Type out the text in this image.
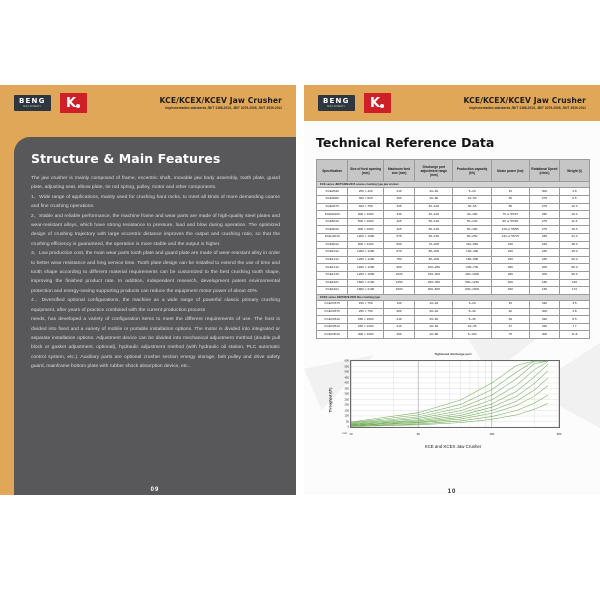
BENG
MACHINERY	K	KCE/KCEX/KCEV Jaw Crusher
Implementation standards JB/T 1388-2015, JB/T 3279-2005, JB/T 3939-2011
Structure & Main Features

The jaw crusher is mainly composed of frame, eccentric shaft, movable jaw body assembly, tooth plate, guard plate, adjusting seat, elbow plate, tie rod spring, pulley, motor and other components.

1、Wide range of applications, mainly used for crushing hard rocks, to meet all kinds of more demanding coarse and fine crushing operations.

2、Stable and reliable performance, the machine frame and wear parts are made of high-quality steel plates and wear-resistant alloys, which have strong resistance to pressure, load and blow during operation. The optimized design of crushing trajectory with large eccentric distance improves the output and crushing ratio, so that the crushing efficiency is guaranteed, the operation is more stable and the output is higher.

3、Low production cost, the main wear parts tooth plate and guard plate are made of wear-resistant alloy in order to better wear resistance and long service time. Tooth plate design can be installed to extend the use of time and tooth shape according to different material requirements can be customized to the best crushing tooth shape, improving the finished product rate. In addition, independent research, development patent environmental protection and energy-saving supporting products can reduce the equipment motor power of about 40%.

4、Diversified optional configurations, the machine as a wide range of powerful classic primary crushing equipment, after years of practice combined with the current production process

needs, has developed a variety of configuration items to meet the different requirements of use. The host is divided into fixed and a variety of mobile or portable installation options. The motor is divided into integrated or separate installation options. Adjustment device can be divided into mechanical adjustment method (double pull block or gasket adjustment, optional), hydraulic adjustment method (with hydraulic oil station, PLC automatic control system, etc.). Auxiliary parts are optional crusher section energy storage, belt pulley and drive safety guard, mainframe bottom plate with rubber shock absorption device, etc..

09
BENG
MACHINERY	K	KCE/KCEX/KCEV Jaw Crusher
Implementation standards JB/T 1388-2015, JB/T 3279-2005, JB/T 3939-2011
Technical Reference Data
Specification	Size of feed opening (mm)	Maximum feed size (mm)	Discharge port adjustment range (mm)	Production capacity (t/h)	Motor power (kw)	Rotational Speed (r/min)	Weight (t)
KCE series JIB/TC/BM-2015 coarse crushing type jaw crusher							
KCE2540	250 × 400	210	20~60	5~20	15	300	2.8
KCE3060	300 × 600	250	20~80	10~50	30	275	6.5
KCE4075	400 × 750	325	40~100	30~65	55	275	10.3
KCE60100	600 × 1000	340	40~100	40~180	75 or 55/37	250	16.4
KCE5010	500 × 1000	425	50~120	50~130	90 or 55/45	275	11.6
KCE9010	900 × 1000	425	50~120	60~180	110 or 55/55	275	18.3
KCE12010	1200 × 1000	575	50~150	80~250	132 or 55/75	255	21.0
KCE9012	900 × 1200	560	70~200	110~350	160	240	38.0
KCE1012	1000 × 1200	670	80~200	130~400	220	230	45.0
KCE1212	1200 × 1200	780	80~200	180~500	220	230	60.0
KCE1412	1400 × 1200	900	100~250	200~700	280	200	80.0
KCE1215	1200 × 1500	1020	150~300	400~1000	280	200	96.0
KCE1621	1600 × 2100	1250	250~350	500~1250	400	180	160
KCE1821	1800 × 2100	1500	300~500	600~1600	450	160	172
KCEX series JIB/T3279-2005 fine crushing type							
KCEX1575	150 × 750	120	10~40	3~20	15	320	3.5
KCEX2575	250 × 750	200	20~40	8~40	22	300	4.8
KCEX2510	250 × 1000	210	25~60	5~45	30	320	6.5
KCEX2512	250 × 1200	210	20~60	10~45	37	320	7.7
KCEX3010	300 × 1000	250	20~80	5~100	75	300	11.8
Tightened discharge port
Throughput (t/h)
mm
0
50
100
150
200
250
300
350
400
450
500
550
600
10	30	100	300
KCE and KCEX Jaw Crusher
10
